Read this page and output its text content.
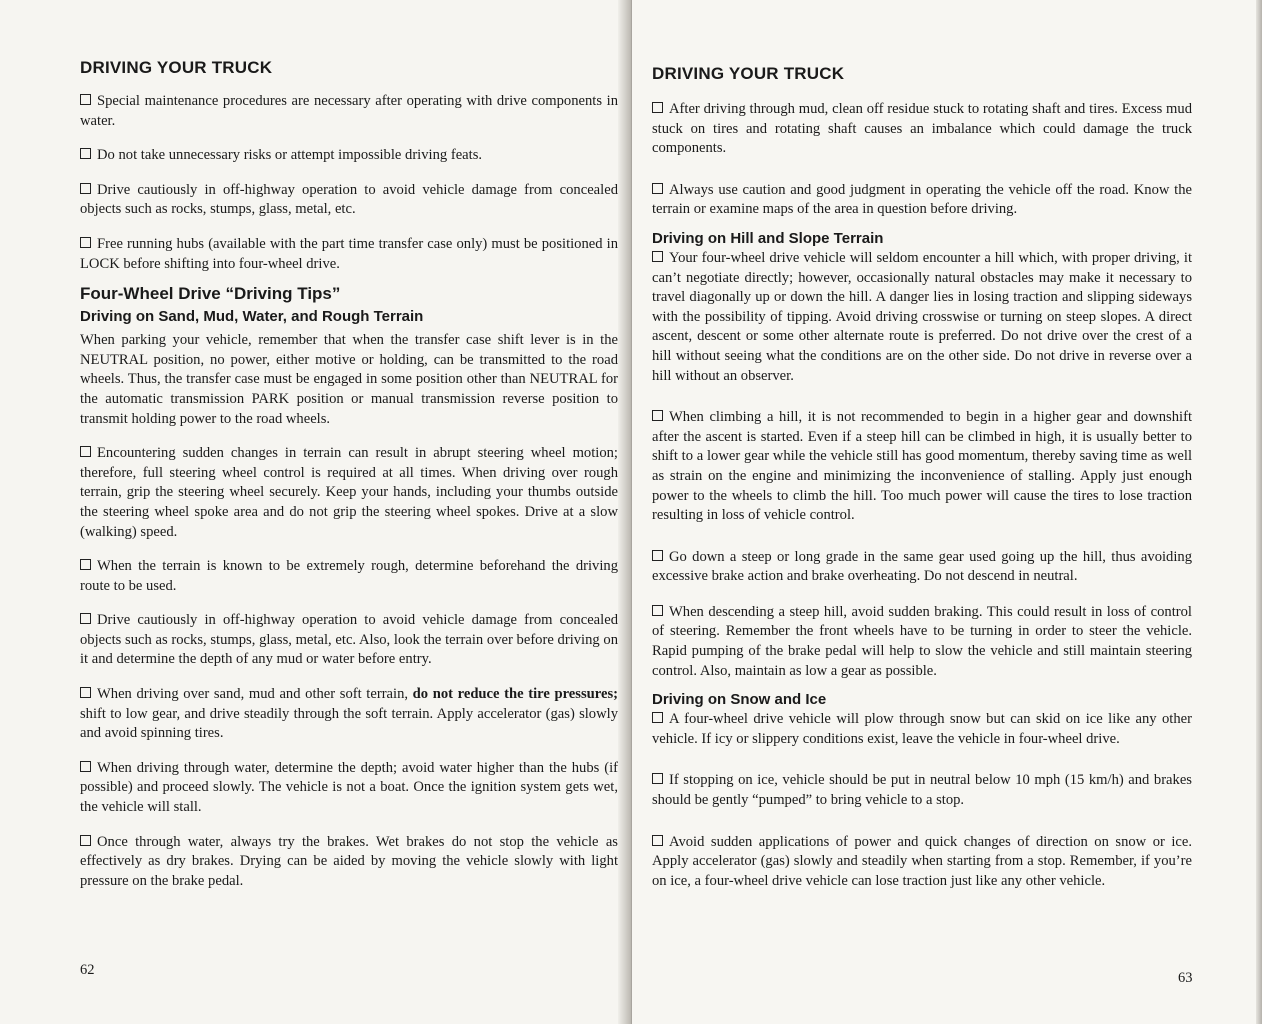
DRIVING YOUR TRUCK

Special maintenance procedures are necessary after operating with drive components in water.

Do not take unnecessary risks or attempt impossible driving feats.

Drive cautiously in off-highway operation to avoid vehicle damage from concealed objects such as rocks, stumps, glass, metal, etc.

Free running hubs (available with the part time transfer case only) must be positioned in LOCK before shifting into four-wheel drive.

Four-Wheel Drive “Driving Tips”
Driving on Sand, Mud, Water, and Rough Terrain

When parking your vehicle, remember that when the transfer case shift lever is in the NEUTRAL position, no power, either motive or holding, can be transmitted to the road wheels. Thus, the transfer case must be engaged in some position other than NEUTRAL for the automatic transmission PARK position or manual transmission reverse position to transmit holding power to the road wheels.

Encountering sudden changes in terrain can result in abrupt steering wheel motion; therefore, full steering wheel control is required at all times. When driving over rough terrain, grip the steering wheel securely. Keep your hands, including your thumbs outside the steering wheel spoke area and do not grip the steering wheel spokes. Drive at a slow (walking) speed.

When the terrain is known to be extremely rough, determine beforehand the driving route to be used.

Drive cautiously in off-highway operation to avoid vehicle damage from concealed objects such as rocks, stumps, glass, metal, etc. Also, look the terrain over before driving on it and determine the depth of any mud or water before entry.

When driving over sand, mud and other soft terrain, do not reduce the tire pressures; shift to low gear, and drive steadily through the soft terrain. Apply accelerator (gas) slowly and avoid spinning tires.

When driving through water, determine the depth; avoid water higher than the hubs (if possible) and proceed slowly. The vehicle is not a boat. Once the ignition system gets wet, the vehicle will stall.

Once through water, always try the brakes. Wet brakes do not stop the vehicle as effectively as dry brakes. Drying can be aided by moving the vehicle slowly with light pressure on the brake pedal.

62
DRIVING YOUR TRUCK

After driving through mud, clean off residue stuck to rotating shaft and tires. Excess mud stuck on tires and rotating shaft causes an imbalance which could damage the truck components.

Always use caution and good judgment in operating the vehicle off the road. Know the terrain or examine maps of the area in question before driving.

Driving on Hill and Slope Terrain

Your four-wheel drive vehicle will seldom encounter a hill which, with proper driving, it can’t negotiate directly; however, occasionally natural obstacles may make it necessary to travel diagonally up or down the hill. A danger lies in losing traction and slipping sideways with the possibility of tipping. Avoid driving crosswise or turning on steep slopes. A direct ascent, descent or some other alternate route is preferred. Do not drive over the crest of a hill without seeing what the conditions are on the other side. Do not drive in reverse over a hill without an observer.

When climbing a hill, it is not recommended to begin in a higher gear and downshift after the ascent is started. Even if a steep hill can be climbed in high, it is usually better to shift to a lower gear while the vehicle still has good momentum, thereby saving time as well as strain on the engine and minimizing the inconvenience of stalling. Apply just enough power to the wheels to climb the hill. Too much power will cause the tires to lose traction resulting in loss of vehicle control.

Go down a steep or long grade in the same gear used going up the hill, thus avoiding excessive brake action and brake overheating. Do not descend in neutral.

When descending a steep hill, avoid sudden braking. This could result in loss of control of steering. Remember the front wheels have to be turning in order to steer the vehicle. Rapid pumping of the brake pedal will help to slow the vehicle and still maintain steering control. Also, maintain as low a gear as possible.

Driving on Snow and Ice

A four-wheel drive vehicle will plow through snow but can skid on ice like any other vehicle. If icy or slippery conditions exist, leave the vehicle in four-wheel drive.

If stopping on ice, vehicle should be put in neutral below 10 mph (15 km/h) and brakes should be gently “pumped” to bring vehicle to a stop.

Avoid sudden applications of power and quick changes of direction on snow or ice. Apply accelerator (gas) slowly and steadily when starting from a stop. Remember, if you’re on ice, a four-wheel drive vehicle can lose traction just like any other vehicle.

63
